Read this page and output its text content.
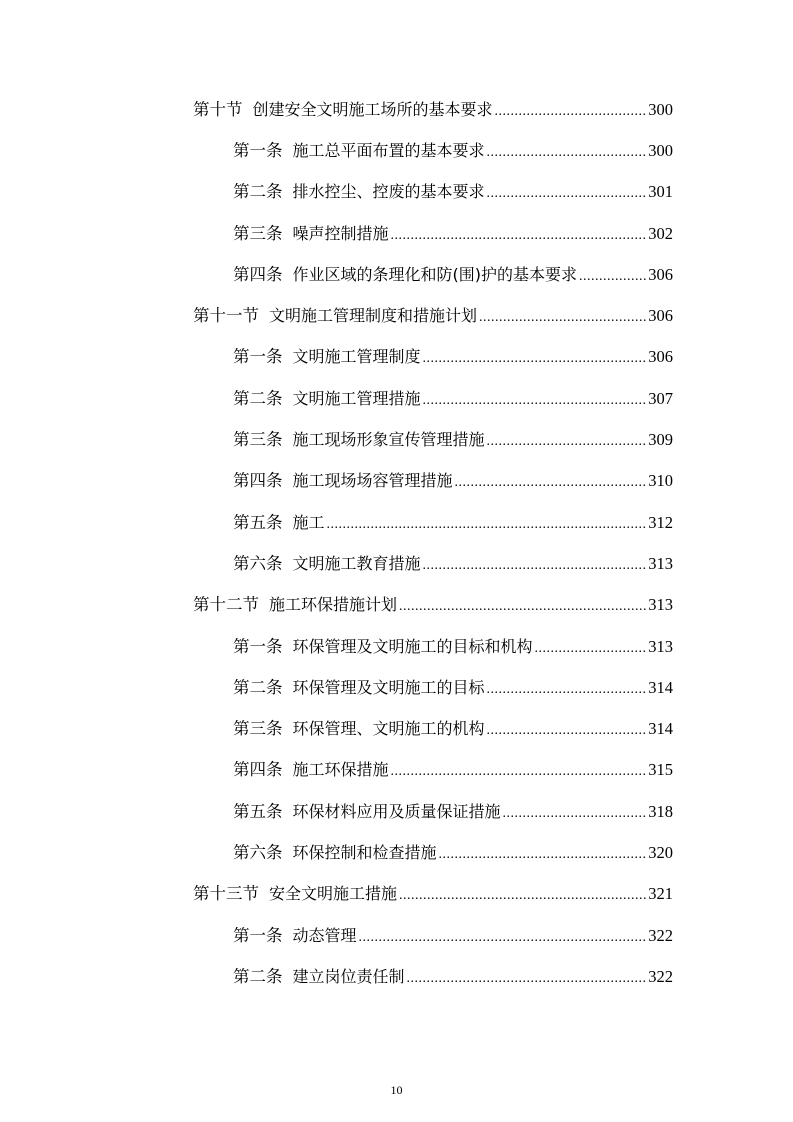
第十节 创建安全文明施工场所的基本要求 .....	300
第一条 施工总平面布置的基本要求 .....	300
第二条 排水控尘、控废的基本要求 .....	301
第三条 噪声控制措施 .....	302
第四条 作业区域的条理化和防(围)护的基本要求 .....	306
第十一节 文明施工管理制度和措施计划 .....	306
第一条 文明施工管理制度 .....	306
第二条 文明施工管理措施 .....	307
第三条 施工现场形象宣传管理措施 .....	309
第四条 施工现场场容管理措施 .....	310
第五条 施工 .....	312
第六条 文明施工教育措施 .....	313
第十二节 施工环保措施计划 .....	313
第一条 环保管理及文明施工的目标和机构 .....	313
第二条 环保管理及文明施工的目标 .....	314
第三条 环保管理、文明施工的机构 .....	314
第四条 施工环保措施 .....	315
第五条 环保材料应用及质量保证措施 .....	318
第六条 环保控制和检查措施 .....	320
第十三节 安全文明施工措施 .....	321
第一条 动态管理 .....	322
第二条 建立岗位责任制 .....	322
10
